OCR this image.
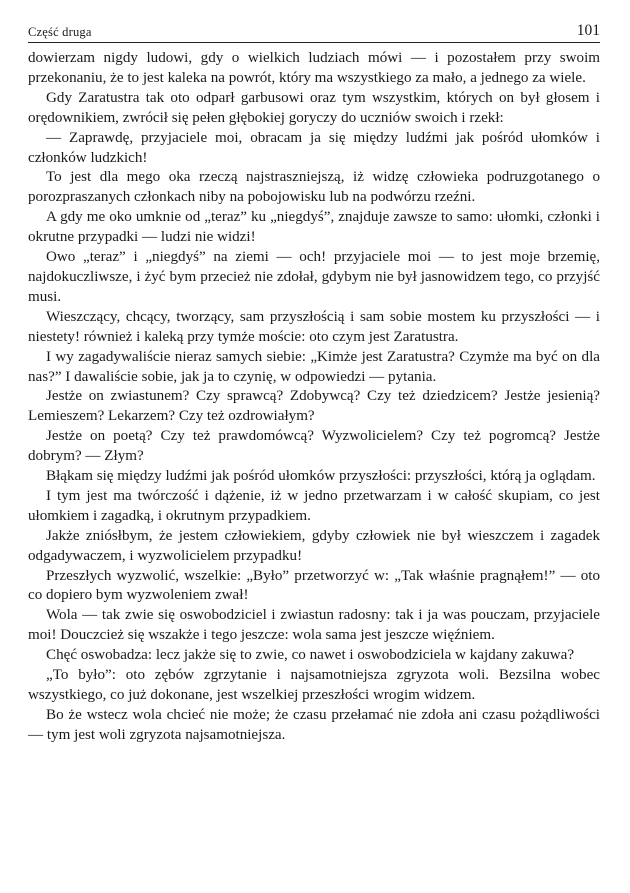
Część druga	101

dowierzam nigdy ludowi, gdy o wielkich ludziach mówi — i pozostałem przy swoim przekonaniu, że to jest kaleka na powrót, który ma wszystkiego za mało, a jednego za wiele.

Gdy Zaratustra tak oto odparł garbusowi oraz tym wszystkim, których on był głosem i orędownikiem, zwrócił się pełen głębokiej goryczy do uczniów swoich i rzekł:

— Zaprawdę, przyjaciele moi, obracam ja się między ludźmi jak pośród ułomków i członków ludzkich!

To jest dla mego oka rzeczą najstraszniejszą, iż widzę człowieka podruzgotanego o porozpraszanych członkach niby na pobojowisku lub na podwórzu rzeźni.

A gdy me oko umknie od „teraz” ku „niegdyś”, znajduje zawsze to samo: ułomki, członki i okrutne przypadki — ludzi nie widzi!

Owo „teraz” i „niegdyś” na ziemi — och! przyjaciele moi — to jest moje brzemię, najdokuczliwsze, i żyć bym przecież nie zdołał, gdybym nie był jasnowidzem tego, co przyjść musi.

Wieszczący, chcący, tworzący, sam przyszłością i sam sobie mostem ku przyszłości — i niestety! również i kaleką przy tymże moście: oto czym jest Zaratustra.

I wy zagadywaliście nieraz samych siebie: „Kimże jest Zaratustra? Czymże ma być on dla nas?” I dawaliście sobie, jak ja to czynię, w odpowiedzi — pytania.

Jestże on zwiastunem? Czy sprawcą? Zdobywcą? Czy też dziedzicem? Jestże jesienią? Lemieszem? Lekarzem? Czy też ozdrowiałym?

Jestże on poetą? Czy też prawdomówcą? Wyzwolicielem? Czy też pogromcą? Jestże dobrym? — Złym?

Błąkam się między ludźmi jak pośród ułomków przyszłości: przyszłości, którą ja oglądam.

I tym jest ma twórczość i dążenie, iż w jedno przetwarzam i w całość skupiam, co jest ułomkiem i zagadką, i okrutnym przypadkiem.

Jakże zniósłbym, że jestem człowiekiem, gdyby człowiek nie był wieszczem i zagadek odgadywaczem, i wyzwolicielem przypadku!

Przeszłych wyzwolić, wszelkie: „Było” przetworzyć w: „Tak właśnie pragnąłem!” — oto co dopiero bym wyzwoleniem zwał!

Wola — tak zwie się oswobodziciel i zwiastun radosny: tak i ja was pouczam, przyjaciele moi! Douczcież się wszakże i tego jeszcze: wola sama jest jeszcze więźniem.

Chęć oswobadza: lecz jakże się to zwie, co nawet i oswobodziciela w kajdany zakuwa?

„To było”: oto zębów zgrzytanie i najsamotniejsza zgryzota woli. Bezsilna wobec wszystkiego, co już dokonane, jest wszelkiej przeszłości wrogim widzem.

Bo że wstecz wola chcieć nie może; że czasu przełamać nie zdoła ani czasu pożądliwości — tym jest woli zgryzota najsamotniejsza.
